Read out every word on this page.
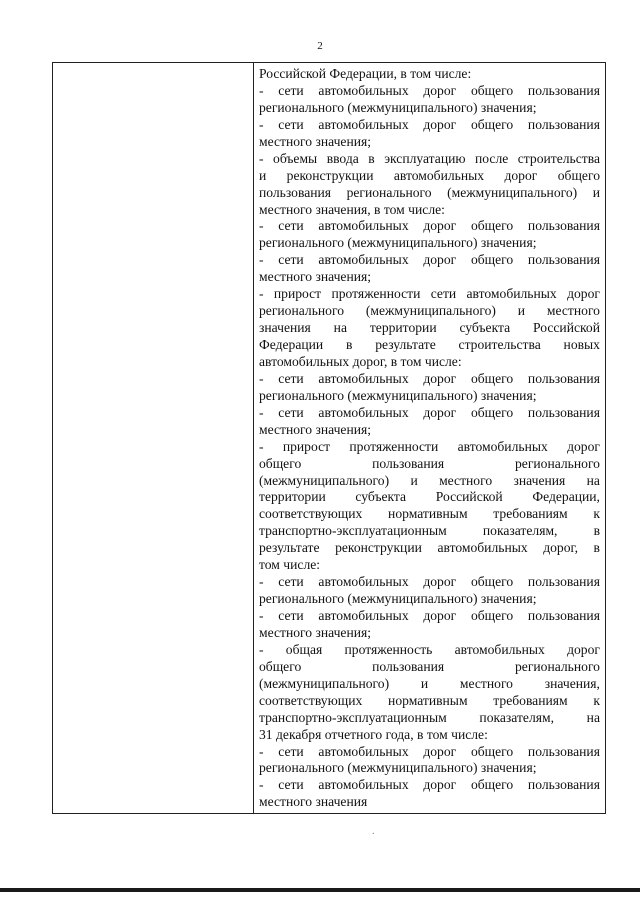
2
Российской Федерации, в том числе:
- сети автомобильных дорог общего пользования
регионального (межмуниципального) значения;
- сети автомобильных дорог общего пользования
местного значения;
- объемы ввода в эксплуатацию после строительства
и реконструкции автомобильных дорог общего
пользования регионального (межмуниципального) и
местного значения, в том числе:
- сети автомобильных дорог общего пользования
регионального (межмуниципального) значения;
- сети автомобильных дорог общего пользования
местного значения;
- прирост протяженности сети автомобильных дорог
регионального (межмуниципального) и местного
значения на территории субъекта Российской
Федерации в результате строительства новых
автомобильных дорог, в том числе:
- сети автомобильных дорог общего пользования
регионального (межмуниципального) значения;
- сети автомобильных дорог общего пользования
местного значения;
- прирост протяженности автомобильных дорог
общего	пользования	регионального
(межмуниципального) и местного значения на
территории субъекта Российской Федерации,
соответствующих нормативным требованиям к
транспортно-эксплуатационным	показателям,	в
результате реконструкции автомобильных дорог, в
том числе:
- сети автомобильных дорог общего пользования
регионального (межмуниципального) значения;
- сети автомобильных дорог общего пользования
местного значения;
- общая протяженность автомобильных дорог
общего	пользования	регионального
(межмуниципального) и местного значения,
соответствующих нормативным требованиям к
транспортно-эксплуатационным показателям, на
31 декабря отчетного года, в том числе:
- сети автомобильных дорог общего пользования
регионального (межмуниципального) значения;
- сети автомобильных дорог общего пользования
местного значения
.
